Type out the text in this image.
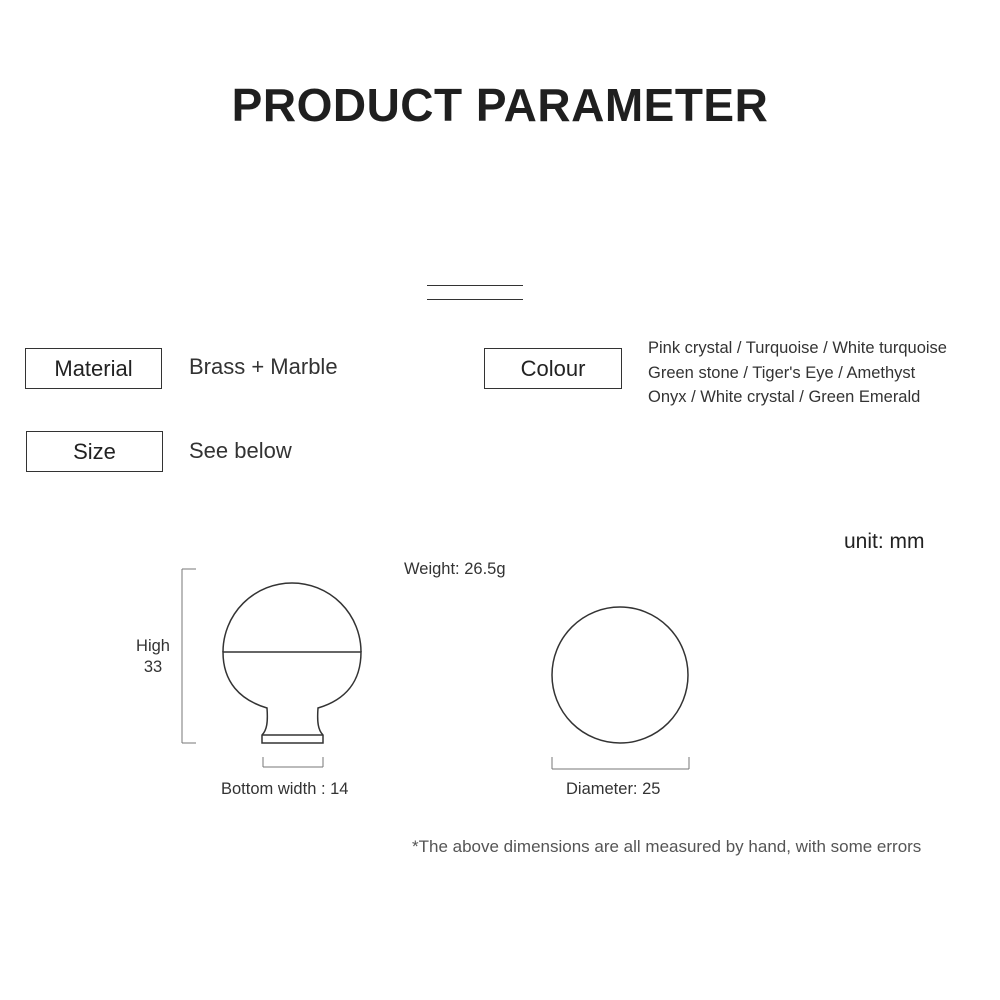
PRODUCT PARAMETER
Material	Brass + Marble
Size	See below
Colour
Pink crystal / Turquoise / White turquoise
Green stone / Tiger's Eye / Amethyst
Onyx / White crystal / Green Emerald
unit: mm
Weight: 26.5g
High
33
Bottom width : 14	Diameter: 25
*The above dimensions are all measured by hand, with some errors
